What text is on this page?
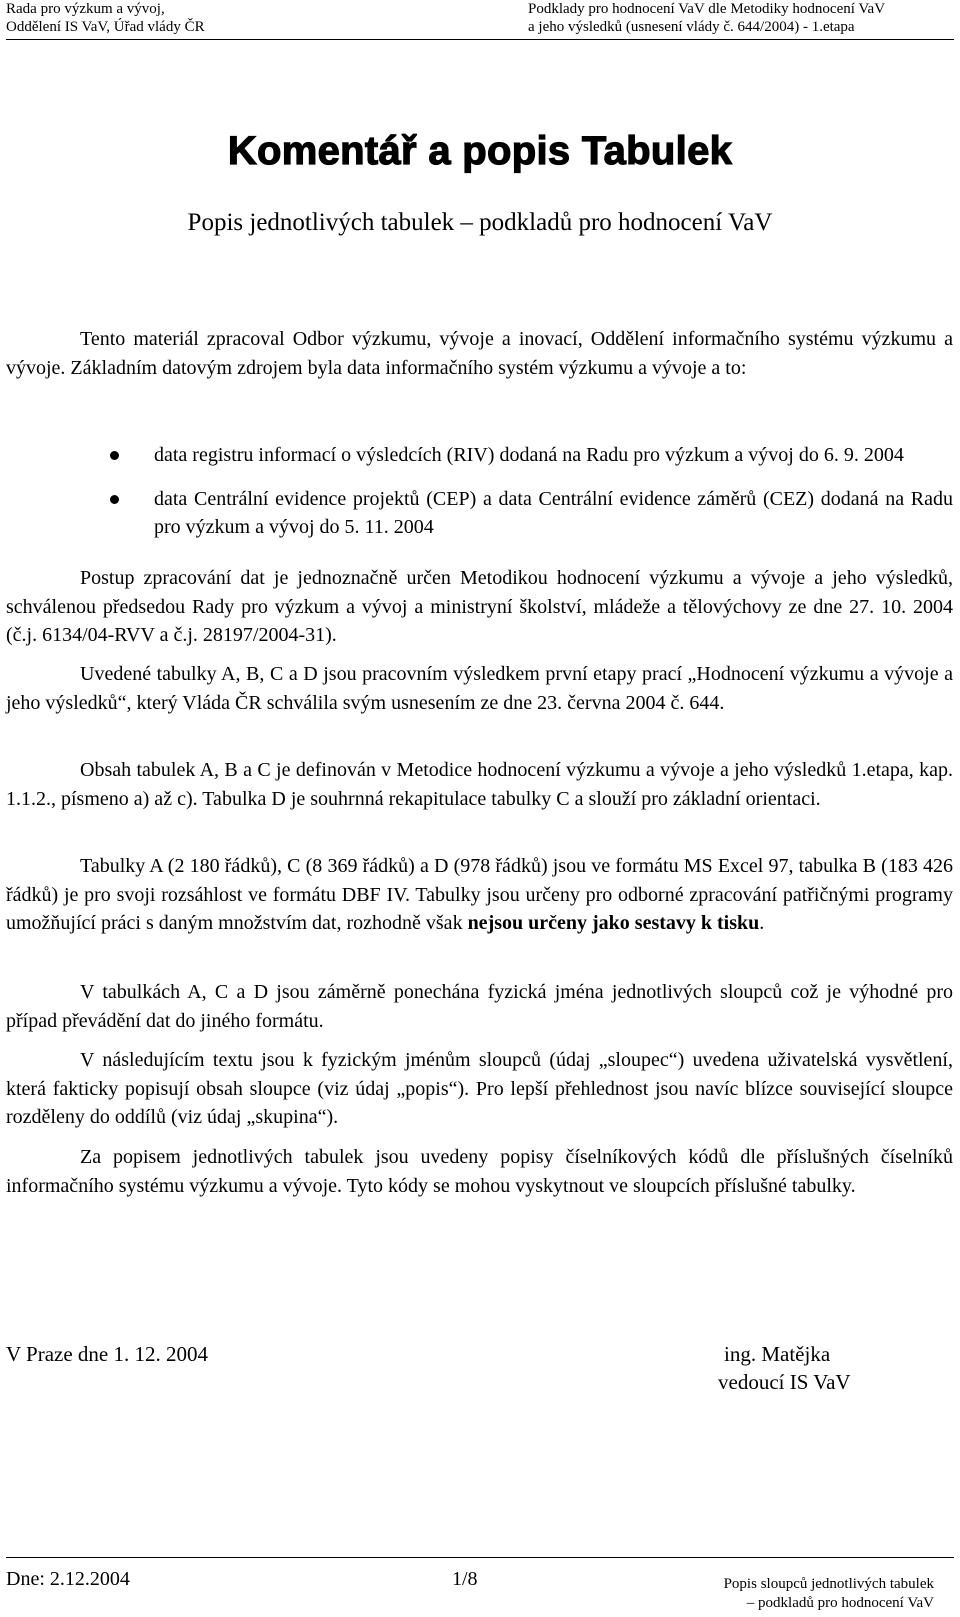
Rada pro výzkum a vývoj,
Oddělení IS VaV, Úřad vlády ČR
Podklady pro hodnocení VaV dle Metodiky hodnocení VaV
a jeho výsledků (usnesení vlády č. 644/2004) - 1.etapa
Komentář a popis Tabulek
Popis jednotlivých tabulek – podkladů pro hodnocení VaV
Tento materiál zpracoval Odbor výzkumu, vývoje a inovací, Oddělení informačního systému výzkumu a vývoje. Základním datovým zdrojem byla data informačního systém výzkumu a vývoje a to:
data registru informací o výsledcích (RIV) dodaná na Radu pro výzkum a vývoj do 6. 9. 2004
data Centrální evidence projektů (CEP) a data Centrální evidence záměrů (CEZ) dodaná na Radu pro výzkum a vývoj do 5. 11. 2004
Postup zpracování dat je jednoznačně určen Metodikou hodnocení výzkumu a vývoje a jeho výsledků, schválenou předsedou Rady pro výzkum a vývoj a ministryní školství, mládeže a tělovýchovy ze dne 27. 10. 2004 (č.j. 6134/04-RVV a č.j. 28197/2004-31).
Uvedené tabulky A, B, C a D jsou pracovním výsledkem první etapy prací „Hodnocení výzkumu a vývoje a jeho výsledků“, který Vláda ČR schválila svým usnesením ze dne 23. června 2004 č. 644.
Obsah tabulek A, B a C je definován v Metodice hodnocení výzkumu a vývoje a jeho výsledků 1.etapa, kap. 1.1.2., písmeno a) až c). Tabulka D je souhrnná rekapitulace tabulky C a slouží pro základní orientaci.
Tabulky A (2 180 řádků), C (8 369 řádků) a D (978 řádků) jsou ve formátu MS Excel 97, tabulka B (183 426 řádků) je pro svoji rozsáhlost ve formátu DBF IV. Tabulky jsou určeny pro odborné zpracování patřičnými programy umožňující práci s daným množstvím dat, rozhodně však nejsou určeny jako sestavy k tisku.
V tabulkách A, C a D jsou záměrně ponechána fyzická jména jednotlivých sloupců což je výhodné pro případ převádění dat do jiného formátu.
V následujícím textu jsou k fyzickým jménům sloupců (údaj „sloupec“) uvedena uživatelská vysvětlení, která fakticky popisují obsah sloupce (viz údaj „popis“). Pro lepší přehlednost jsou navíc blízce související sloupce rozděleny do oddílů (viz údaj „skupina“).
Za popisem jednotlivých tabulek jsou uvedeny popisy číselníkových kódů dle příslušných číselníků informačního systému výzkumu a vývoje. Tyto kódy se mohou vyskytnout ve sloupcích příslušné tabulky.
V Praze dne 1. 12. 2004	ing. Matějka
vedoucí IS VaV
Dne: 2.12.2004	1/8	Popis sloupců jednotlivých tabulek
– podkladů pro hodnocení VaV
